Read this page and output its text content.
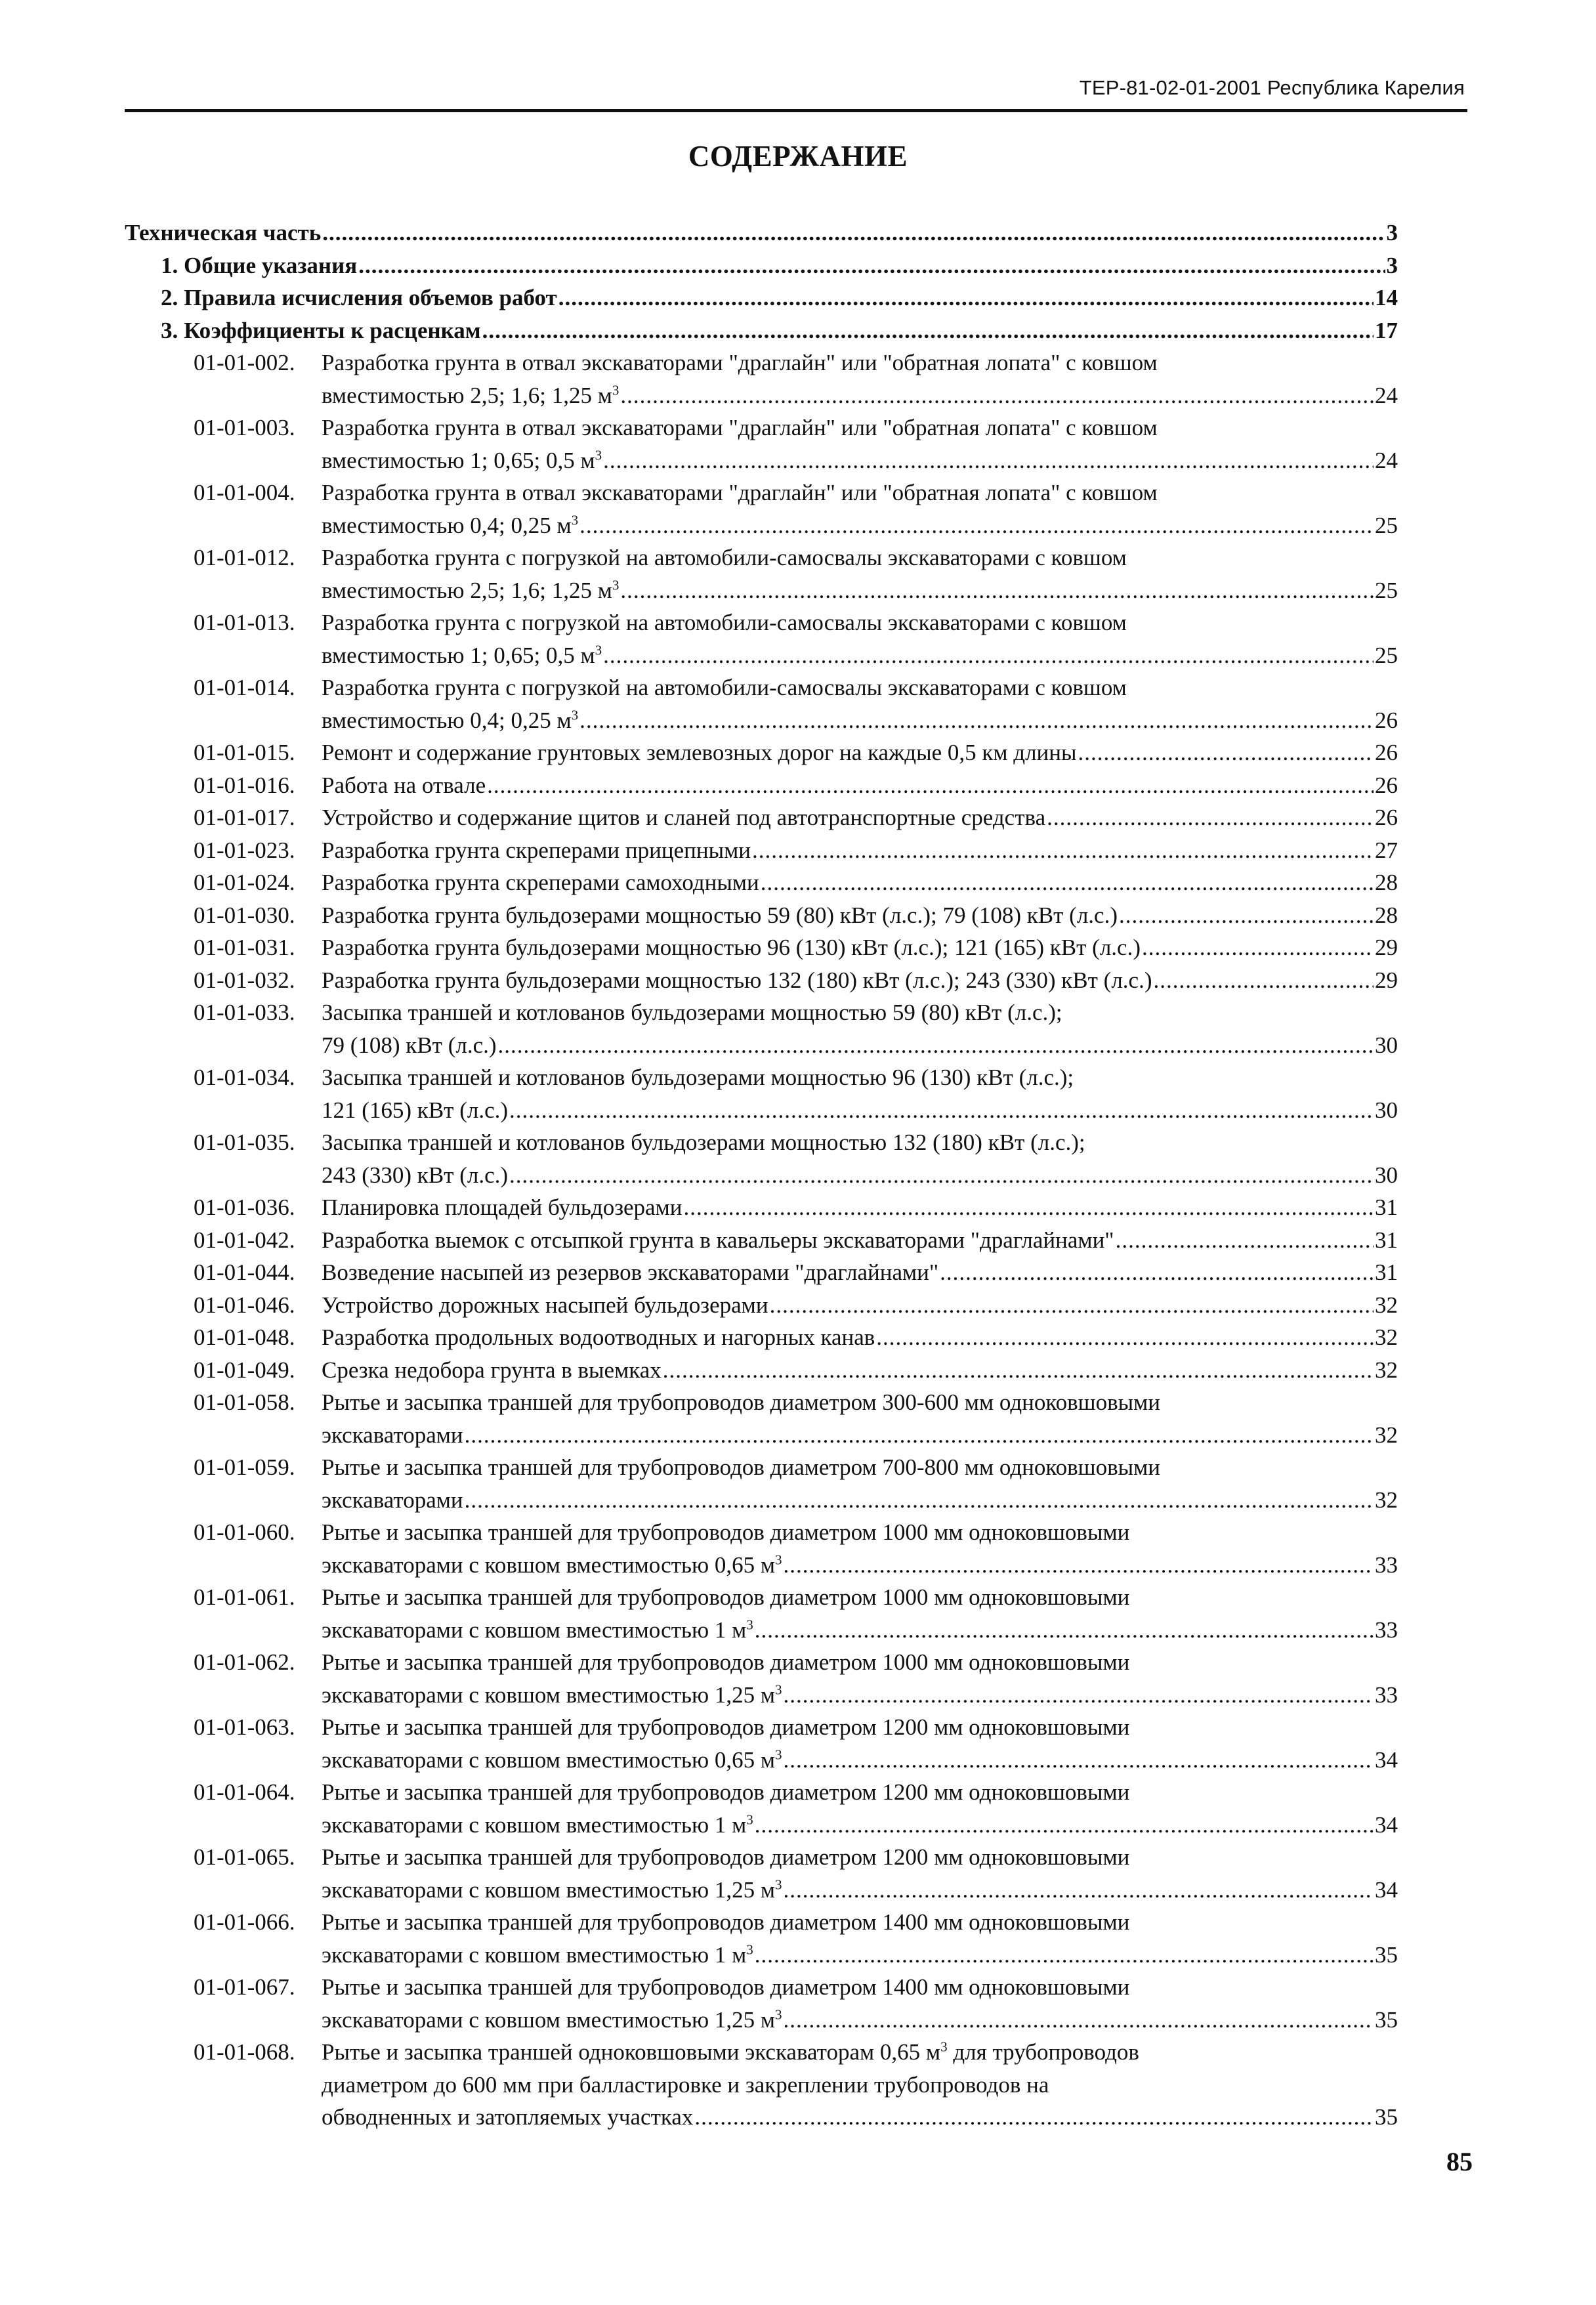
ТЕР-81-02-01-2001 Республика Карелия
СОДЕРЖАНИЕ
Техническая часть .....	3
1. Общие указания .....	3
2. Правила исчисления объемов работ .....	14
3. Коэффициенты к расценкам .....	17
01-01-002.	Разработка грунта в отвал экскаваторами "драглайн" или "обратная лопата" с ковшом
вместимостью 2,5; 1,6; 1,25 $м^3$ .....	24
01-01-003.	Разработка грунта в отвал экскаваторами "драглайн" или "обратная лопата" с ковшом
вместимостью 1; 0,65; 0,5 $м^3$ .....	24
01-01-004.	Разработка грунта в отвал экскаваторами "драглайн" или "обратная лопата" с ковшом
вместимостью 0,4; 0,25 $м^3$ .....	25
01-01-012.	Разработка грунта с погрузкой на автомобили-самосвалы экскаваторами с ковшом
вместимостью 2,5; 1,6; 1,25 $м^3$ .....	25
01-01-013.	Разработка грунта с погрузкой на автомобили-самосвалы экскаваторами с ковшом
вместимостью 1; 0,65; 0,5 $м^3$ .....	25
01-01-014.	Разработка грунта с погрузкой на автомобили-самосвалы экскаваторами с ковшом
вместимостью 0,4; 0,25 $м^3$ .....	26
01-01-015.	Ремонт и содержание грунтовых землевозных дорог на каждые 0,5 км длины .....	26
01-01-016.	Работа на отвале .....	26
01-01-017.	Устройство и содержание щитов и сланей под автотранспортные средства .....	26
01-01-023.	Разработка грунта скреперами прицепными .....	27
01-01-024.	Разработка грунта скреперами самоходными .....	28
01-01-030.	Разработка грунта бульдозерами мощностью 59 (80) кВт (л.с.); 79 (108) кВт (л.с.) .....	28
01-01-031.	Разработка грунта бульдозерами мощностью 96 (130) кВт (л.с.); 121 (165) кВт (л.с.) .....	29
01-01-032.	Разработка грунта бульдозерами мощностью 132 (180) кВт (л.с.); 243 (330) кВт (л.с.) .....	29
01-01-033.	Засыпка траншей и котлованов бульдозерами мощностью 59 (80) кВт (л.с.);
79 (108) кВт (л.с.) .....	30
01-01-034.	Засыпка траншей и котлованов бульдозерами мощностью 96 (130) кВт (л.с.);
121 (165) кВт (л.с.) .....	30
01-01-035.	Засыпка траншей и котлованов бульдозерами мощностью 132 (180) кВт (л.с.);
243 (330) кВт (л.с.) .....	30
01-01-036.	Планировка площадей бульдозерами .....	31
01-01-042.	Разработка выемок с отсыпкой грунта в кавальеры экскаваторами "драглайнами" .....	31
01-01-044.	Возведение насыпей из резервов экскаваторами "драглайнами" .....	31
01-01-046.	Устройство дорожных насыпей бульдозерами .....	32
01-01-048.	Разработка продольных водоотводных и нагорных канав .....	32
01-01-049.	Срезка недобора грунта в выемках .....	32
01-01-058.	Рытье и засыпка траншей для трубопроводов диаметром 300-600 мм одноковшовыми
экскаваторами .....	32
01-01-059.	Рытье и засыпка траншей для трубопроводов диаметром 700-800 мм одноковшовыми
экскаваторами .....	32
01-01-060.	Рытье и засыпка траншей для трубопроводов диаметром 1000 мм одноковшовыми
экскаваторами с ковшом вместимостью 0,65 $м^3$ .....	33
01-01-061.	Рытье и засыпка траншей для трубопроводов диаметром 1000 мм одноковшовыми
экскаваторами с ковшом вместимостью 1 $м^3$ .....	33
01-01-062.	Рытье и засыпка траншей для трубопроводов диаметром 1000 мм одноковшовыми
экскаваторами с ковшом вместимостью 1,25 $м^3$ .....	33
01-01-063.	Рытье и засыпка траншей для трубопроводов диаметром 1200 мм одноковшовыми
экскаваторами с ковшом вместимостью 0,65 $м^3$ .....	34
01-01-064.	Рытье и засыпка траншей для трубопроводов диаметром 1200 мм одноковшовыми
экскаваторами с ковшом вместимостью 1 $м^3$ .....	34
01-01-065.	Рытье и засыпка траншей для трубопроводов диаметром 1200 мм одноковшовыми
экскаваторами с ковшом вместимостью 1,25 $м^3$ .....	34
01-01-066.	Рытье и засыпка траншей для трубопроводов диаметром 1400 мм одноковшовыми
экскаваторами с ковшом вместимостью 1 $м^3$ .....	35
01-01-067.	Рытье и засыпка траншей для трубопроводов диаметром 1400 мм одноковшовыми
экскаваторами с ковшом вместимостью 1,25 $м^3$ .....	35
01-01-068.	Рытье и засыпка траншей одноковшовыми экскаваторам 0,65 $м^3$ для трубопроводов
диаметром до 600 мм при балластировке и закреплении трубопроводов на
обводненных и затопляемых участках .....	35
85
